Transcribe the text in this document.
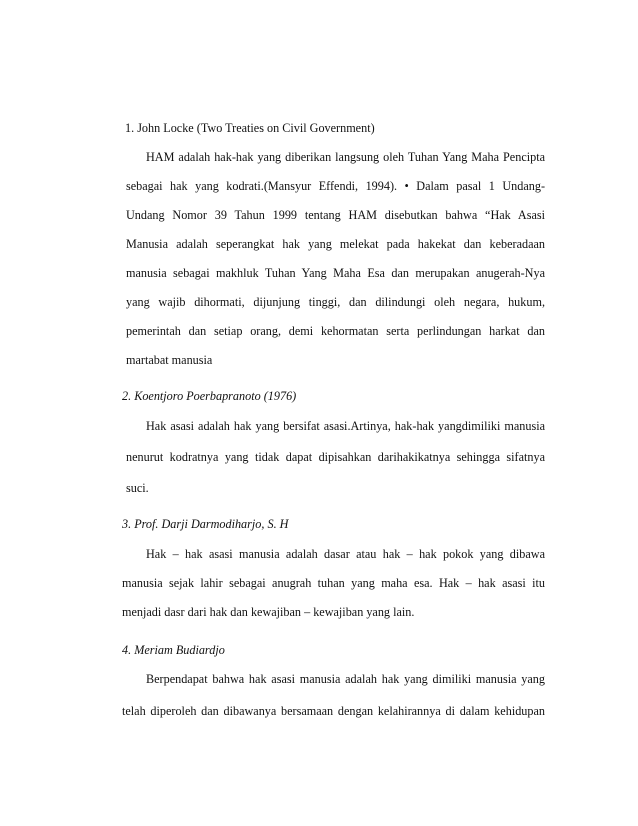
1. John Locke (Two Treaties on Civil Government)
HAM adalah hak-hak yang diberikan langsung oleh Tuhan Yang Maha Pencipta
sebagai hak yang kodrati.(Mansyur Effendi, 1994). • Dalam pasal 1 Undang-
Undang Nomor 39 Tahun 1999 tentang HAM disebutkan bahwa “Hak Asasi
Manusia adalah seperangkat hak yang melekat pada hakekat dan keberadaan
manusia sebagai makhluk Tuhan Yang Maha Esa dan merupakan anugerah-Nya
yang wajib dihormati, dijunjung tinggi, dan dilindungi oleh negara, hukum,
pemerintah dan setiap orang, demi kehormatan serta perlindungan harkat dan
martabat manusia
2. Koentjoro Poerbapranoto (1976)
Hak asasi adalah hak yang bersifat asasi.Artinya, hak-hak yangdimiliki manusia
nenurut kodratnya yang tidak dapat dipisahkan darihakikatnya sehingga sifatnya
suci.
3. Prof. Darji Darmodiharjo, S. H
Hak – hak asasi manusia adalah dasar atau hak – hak pokok yang dibawa
manusia sejak lahir sebagai anugrah tuhan yang maha esa. Hak – hak asasi itu
menjadi dasr dari hak dan kewajiban – kewajiban yang lain.
4. Meriam Budiardjo
Berpendapat bahwa hak asasi manusia adalah hak yang dimiliki manusia yang
telah diperoleh dan dibawanya bersamaan dengan kelahirannya di dalam kehidupan
